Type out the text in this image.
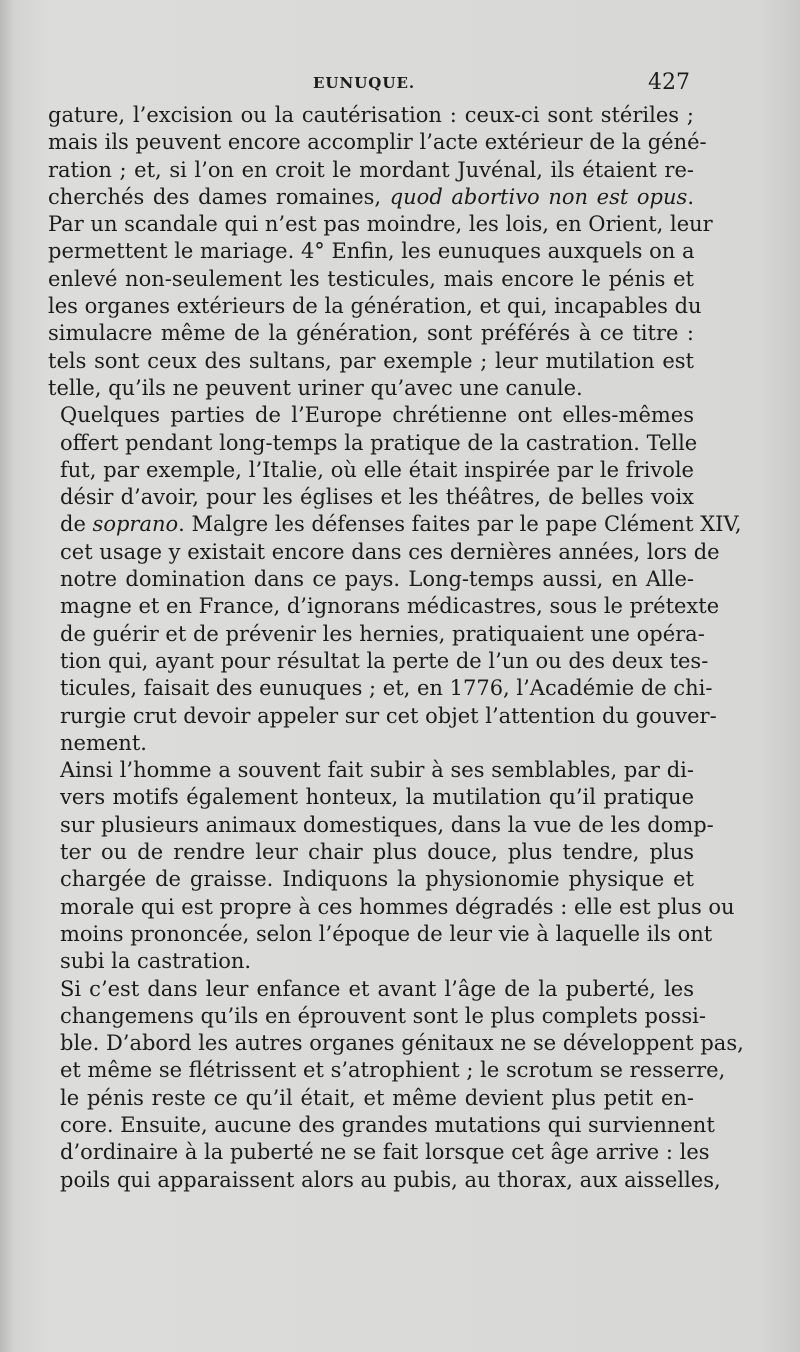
EUNUQUE.	427

gature, l’excision ou la cautérisation : ceux-ci sont stériles ;
mais ils peuvent encore accomplir l’acte extérieur de la géné-
ration ; et, si l’on en croit le mordant Juvénal, ils étaient re-
cherchés des dames romaines, quod abortivo non est opus.
Par un scandale qui n’est pas moindre, les lois, en Orient, leur
permettent le mariage. 4° Enfin, les eunuques auxquels on a
enlevé non-seulement les testicules, mais encore le pénis et
les organes extérieurs de la génération, et qui, incapables du
simulacre même de la génération, sont préférés à ce titre :
tels sont ceux des sultans, par exemple ; leur mutilation est
telle, qu’ils ne peuvent uriner qu’avec une canule.

Quelques parties de l’Europe chrétienne ont elles-mêmes
offert pendant long-temps la pratique de la castration. Telle
fut, par exemple, l’Italie, où elle était inspirée par le frivole
désir d’avoir, pour les églises et les théâtres, de belles voix
de soprano. Malgre les défenses faites par le pape Clément XIV,
cet usage y existait encore dans ces dernières années, lors de
notre domination dans ce pays. Long-temps aussi, en Alle-
magne et en France, d’ignorans médicastres, sous le prétexte
de guérir et de prévenir les hernies, pratiquaient une opéra-
tion qui, ayant pour résultat la perte de l’un ou des deux tes-
ticules, faisait des eunuques ; et, en 1776, l’Académie de chi-
rurgie crut devoir appeler sur cet objet l’attention du gouver-
nement.

Ainsi l’homme a souvent fait subir à ses semblables, par di-
vers motifs également honteux, la mutilation qu’il pratique
sur plusieurs animaux domestiques, dans la vue de les domp-
ter ou de rendre leur chair plus douce, plus tendre, plus
chargée de graisse. Indiquons la physionomie physique et
morale qui est propre à ces hommes dégradés : elle est plus ou
moins prononcée, selon l’époque de leur vie à laquelle ils ont
subi la castration.

Si c’est dans leur enfance et avant l’âge de la puberté, les
changemens qu’ils en éprouvent sont le plus complets possi-
ble. D’abord les autres organes génitaux ne se développent pas,
et même se flétrissent et s’atrophient ; le scrotum se resserre,
le pénis reste ce qu’il était, et même devient plus petit en-
core. Ensuite, aucune des grandes mutations qui surviennent
d’ordinaire à la puberté ne se fait lorsque cet âge arrive : les
poils qui apparaissent alors au pubis, au thorax, aux aisselles,
